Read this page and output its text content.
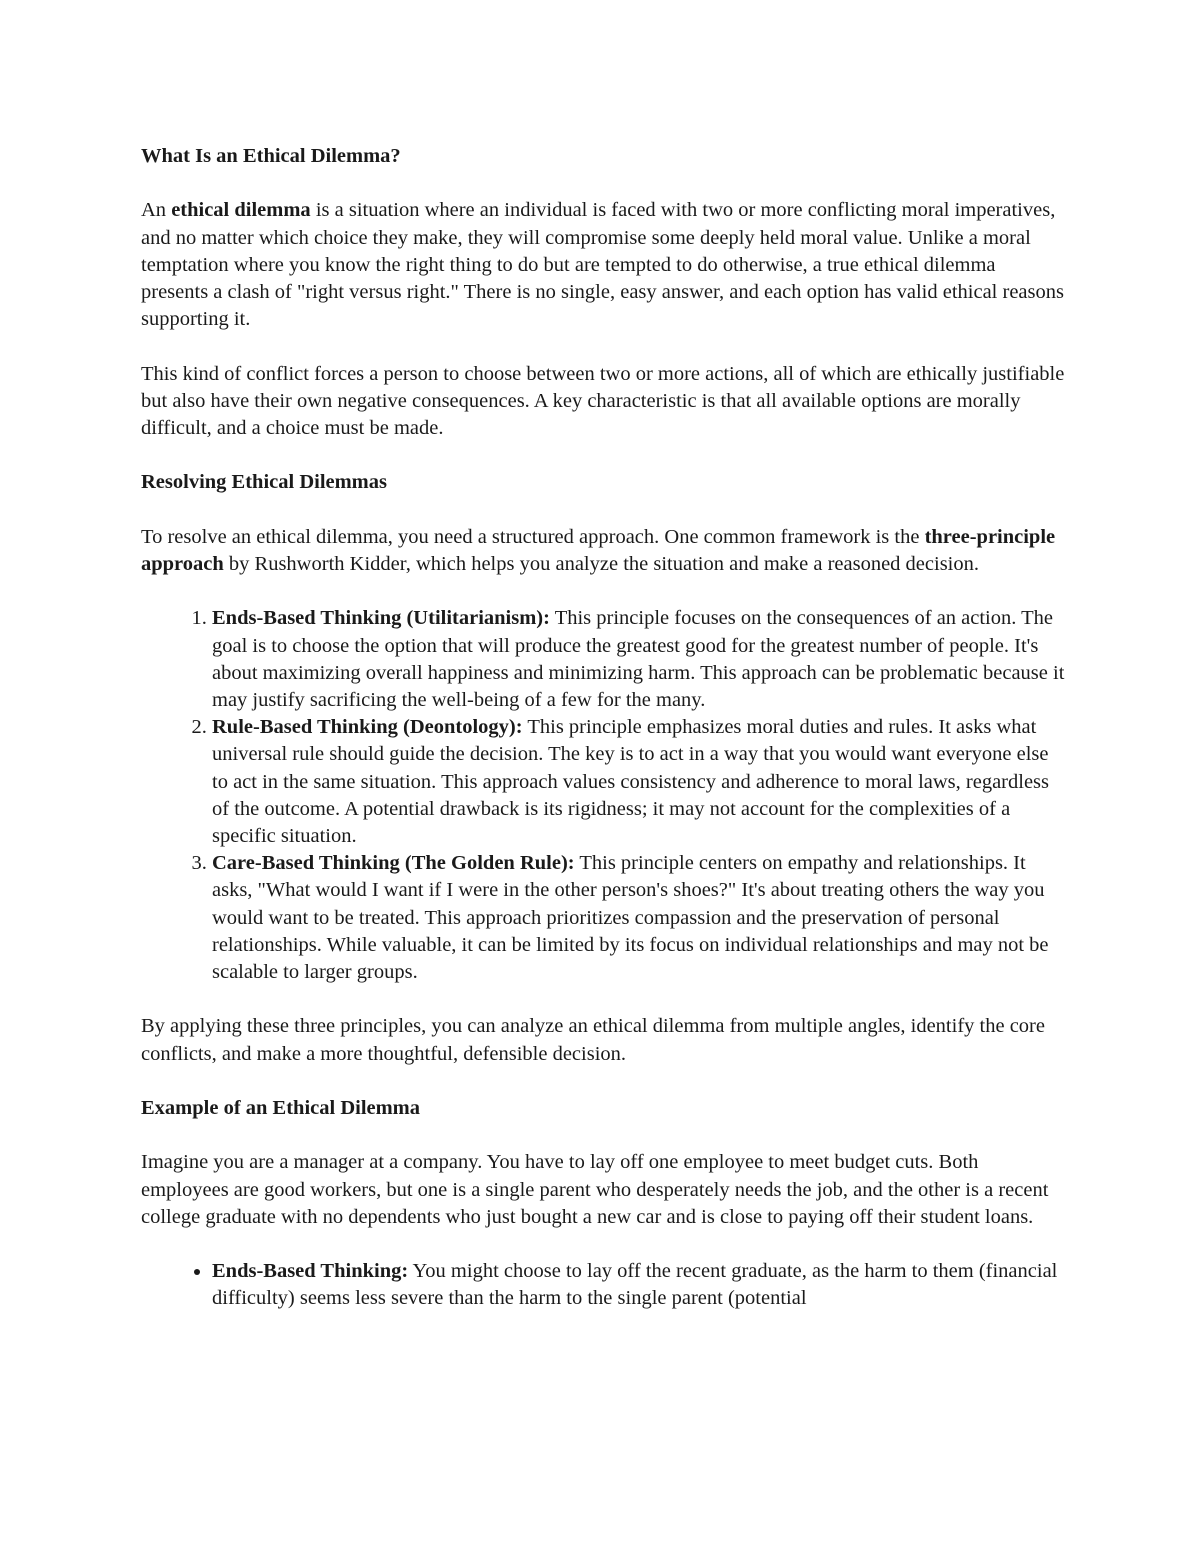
What Is an Ethical Dilemma?

An ethical dilemma is a situation where an individual is faced with two or more conflicting moral imperatives, and no matter which choice they make, they will compromise some deeply held moral value. Unlike a moral temptation where you know the right thing to do but are tempted to do otherwise, a true ethical dilemma presents a clash of "right versus right." There is no single, easy answer, and each option has valid ethical reasons supporting it.

This kind of conflict forces a person to choose between two or more actions, all of which are ethically justifiable but also have their own negative consequences. A key characteristic is that all available options are morally difficult, and a choice must be made.

Resolving Ethical Dilemmas

To resolve an ethical dilemma, you need a structured approach. One common framework is the three-principle approach by Rushworth Kidder, which helps you analyze the situation and make a reasoned decision.

1. Ends-Based Thinking (Utilitarianism): This principle focuses on the consequences of an action. The goal is to choose the option that will produce the greatest good for the greatest number of people. It's about maximizing overall happiness and minimizing harm. This approach can be problematic because it may justify sacrificing the well-being of a few for the many.
2. Rule-Based Thinking (Deontology): This principle emphasizes moral duties and rules. It asks what universal rule should guide the decision. The key is to act in a way that you would want everyone else to act in the same situation. This approach values consistency and adherence to moral laws, regardless of the outcome. A potential drawback is its rigidness; it may not account for the complexities of a specific situation.
3. Care-Based Thinking (The Golden Rule): This principle centers on empathy and relationships. It asks, "What would I want if I were in the other person's shoes?" It's about treating others the way you would want to be treated. This approach prioritizes compassion and the preservation of personal relationships. While valuable, it can be limited by its focus on individual relationships and may not be scalable to larger groups.

By applying these three principles, you can analyze an ethical dilemma from multiple angles, identify the core conflicts, and make a more thoughtful, defensible decision.

Example of an Ethical Dilemma

Imagine you are a manager at a company. You have to lay off one employee to meet budget cuts. Both employees are good workers, but one is a single parent who desperately needs the job, and the other is a recent college graduate with no dependents who just bought a new car and is close to paying off their student loans.

• Ends-Based Thinking: You might choose to lay off the recent graduate, as the harm to them (financial difficulty) seems less severe than the harm to the single parent (potential
